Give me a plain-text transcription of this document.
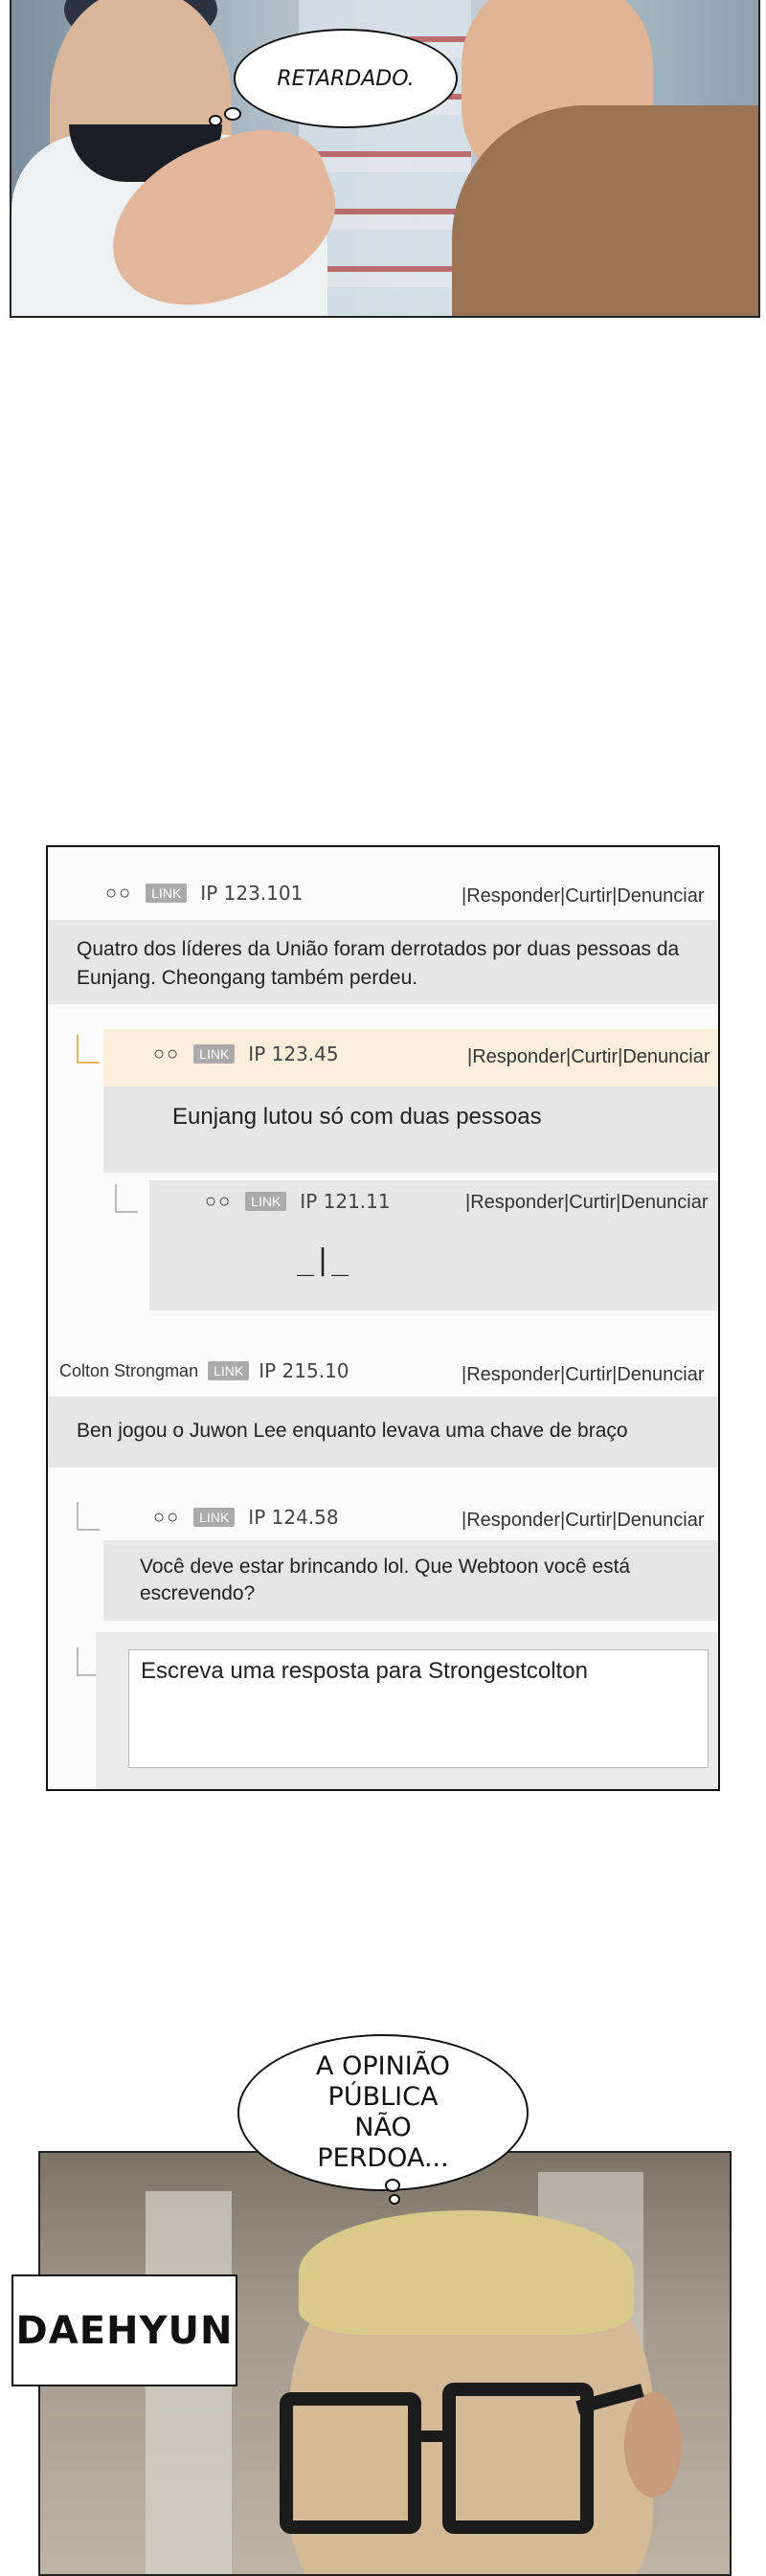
RETARDADO.
○○	LINK	IP 123.101	|Responder|Curtir|Denunciar
Quatro dos líderes da União foram derrotados por duas pessoas da Eunjang. Cheongang também perdeu.
○○	LINK	IP 123.45	|Responder|Curtir|Denunciar
Eunjang lutou só com duas pessoas
○○	LINK	IP 121.11	|Responder|Curtir|Denunciar
_|_
Colton Strongman	LINK IP 215.10	|Responder|Curtir|Denunciar
Ben jogou o Juwon Lee enquanto levava uma chave de braço
○○	LINK	IP 124.58	|Responder|Curtir|Denunciar
Você deve estar brincando lol. Que Webtoon você está escrevendo?
Escreva uma resposta para Strongestcolton
A OPINIÃO PÚBLICA NÃO PERDOA...
DAEHYUN
